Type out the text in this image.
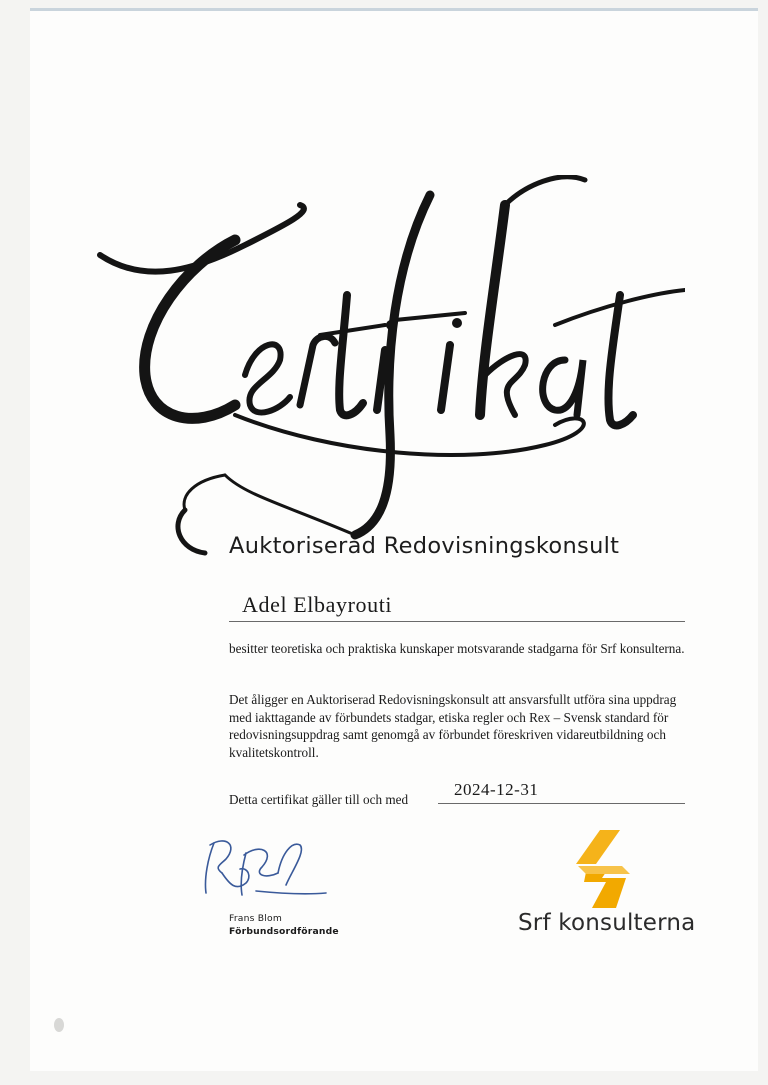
Auktoriserad Redovisningskonsult
Adel Elbayrouti
besitter teoretiska och praktiska kunskaper motsvarande stadgarna för Srf konsulterna.
Det åligger en Auktoriserad Redovisningskonsult att ansvarsfullt utföra sina uppdrag med iakttagande av förbundets stadgar, etiska regler och Rex – Svensk standard för redovisningsuppdrag samt genomgå av förbundet föreskriven vidareutbildning och kvalitetskontroll.
Detta certifikat gäller till och med
2024-12-31
Frans Blom
Förbundsordförande	Srf konsulterna
